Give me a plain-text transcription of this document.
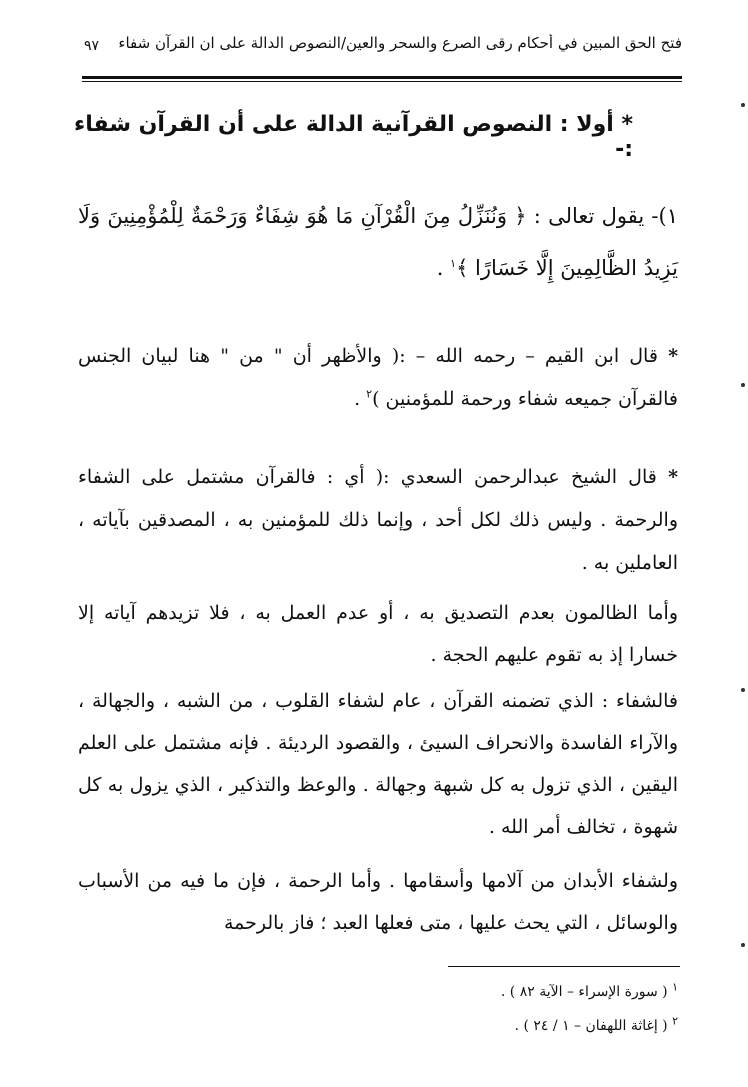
فتح الحق المبين في أحكام رقى الصرع والسحر والعين/النصوص الدالة على ان القرآن شفاء
٩٧
* أولا : النصوص القرآنية الدالة على أن القرآن شفاء :-
١)- يقول تعالى : ﴿ وَنُنَزِّلُ مِنَ الْقُرْآنِ مَا هُوَ شِفَاءٌ وَرَحْمَةٌ لِلْمُؤْمِنِينَ وَلَا يَزِيدُ الظَّالِمِينَ إِلَّا خَسَارًا ﴾$^١$ .
* قال ابن القيم – رحمه الله – :( والأظهر أن " من " هنا لبيان الجنس فالقرآن جميعه شفاء ورحمة للمؤمنين )$^٢$ .
* قال الشيخ عبدالرحمن السعدي :( أي : فالقرآن مشتمل على الشفاء والرحمة . وليس ذلك لكل أحد ، وإنما ذلك للمؤمنين به ، المصدقين بآياته ، العاملين به .
وأما الظالمون بعدم التصديق به ، أو عدم العمل به ، فلا تزيدهم آياته إلا خسارا إذ به تقوم عليهم الحجة .
فالشفاء : الذي تضمنه القرآن ، عام لشفاء القلوب ، من الشبه ، والجهالة ، والآراء الفاسدة والانحراف السيئ ، والقصود الرديئة . فإنه مشتمل على العلم اليقين ، الذي تزول به كل شبهة وجهالة . والوعظ والتذكير ، الذي يزول به كل شهوة ، تخالف أمر الله .
ولشفاء الأبدان من آلامها وأسقامها . وأما الرحمة ، فإن ما فيه من الأسباب والوسائل ، التي يحث عليها ، متى فعلها العبد ؛ فاز بالرحمة
$^١$ ( سورة الإسراء – الآية ٨٢ ) .
$^٢$ ( إغاثة اللهفان – ١ / ٢٤ ) .
